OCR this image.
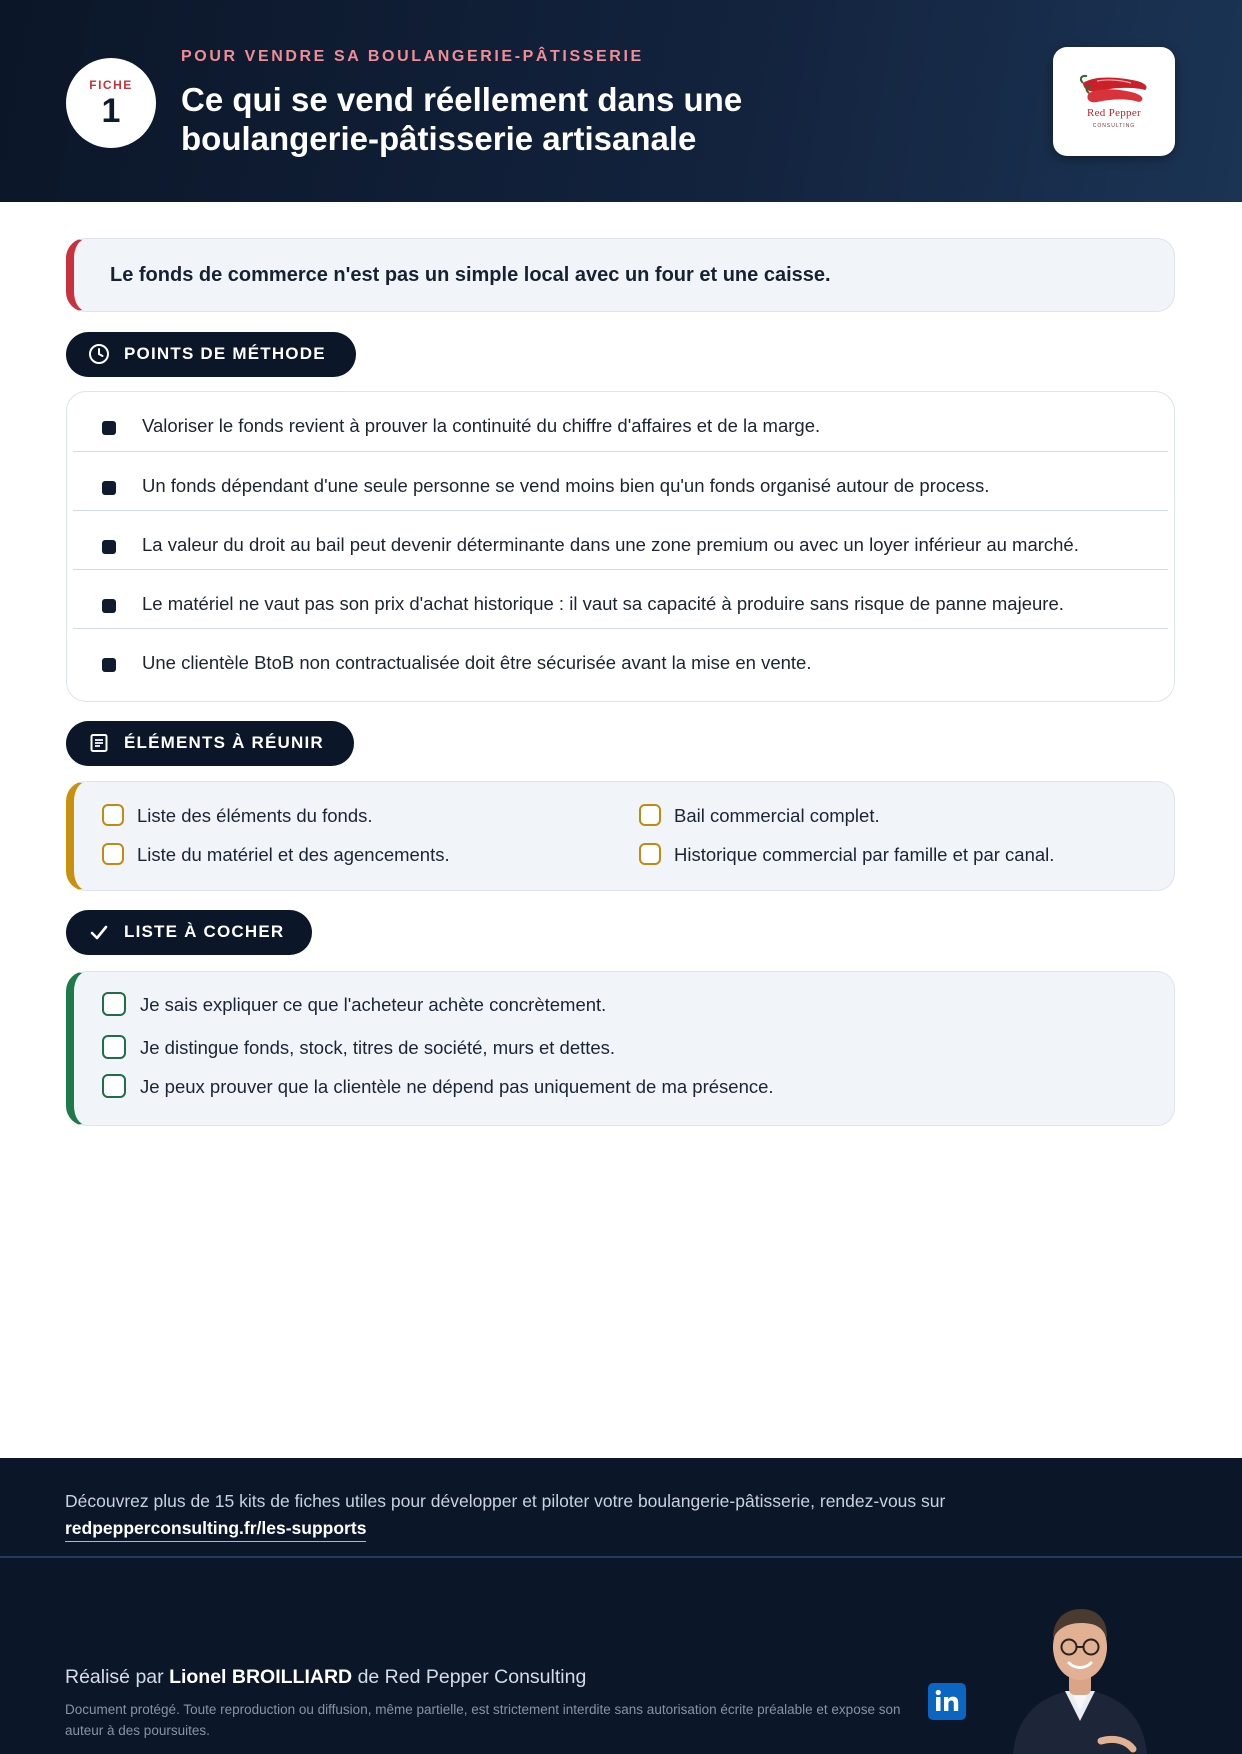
FICHE
1
POUR VENDRE SA BOULANGERIE-PÂTISSERIE
Ce qui se vend réellement dans une
boulangerie-pâtisserie artisanale
Red Pepper
CONSULTING
Le fonds de commerce n'est pas un simple local avec un four et une caisse.
POINTS DE MÉTHODE
Valoriser le fonds revient à prouver la continuité du chiffre d'affaires et de la marge.
Un fonds dépendant d'une seule personne se vend moins bien qu'un fonds organisé autour de process.
La valeur du droit au bail peut devenir déterminante dans une zone premium ou avec un loyer inférieur au marché.
Le matériel ne vaut pas son prix d'achat historique : il vaut sa capacité à produire sans risque de panne majeure.
Une clientèle BtoB non contractualisée doit être sécurisée avant la mise en vente.
ÉLÉMENTS À RÉUNIR
Liste des éléments du fonds.	Bail commercial complet.
Liste du matériel et des agencements.	Historique commercial par famille et par canal.
LISTE À COCHER
Je sais expliquer ce que l'acheteur achète concrètement.
Je distingue fonds, stock, titres de société, murs et dettes.
Je peux prouver que la clientèle ne dépend pas uniquement de ma présence.
Découvrez plus de 15 kits de fiches utiles pour développer et piloter votre boulangerie-pâtisserie, rendez-vous sur
redpepperconsulting.fr/les-supports
Réalisé par Lionel BROILLIARD de Red Pepper Consulting
Document protégé. Toute reproduction ou diffusion, même partielle, est strictement interdite sans autorisation écrite préalable et expose son auteur à des poursuites.
